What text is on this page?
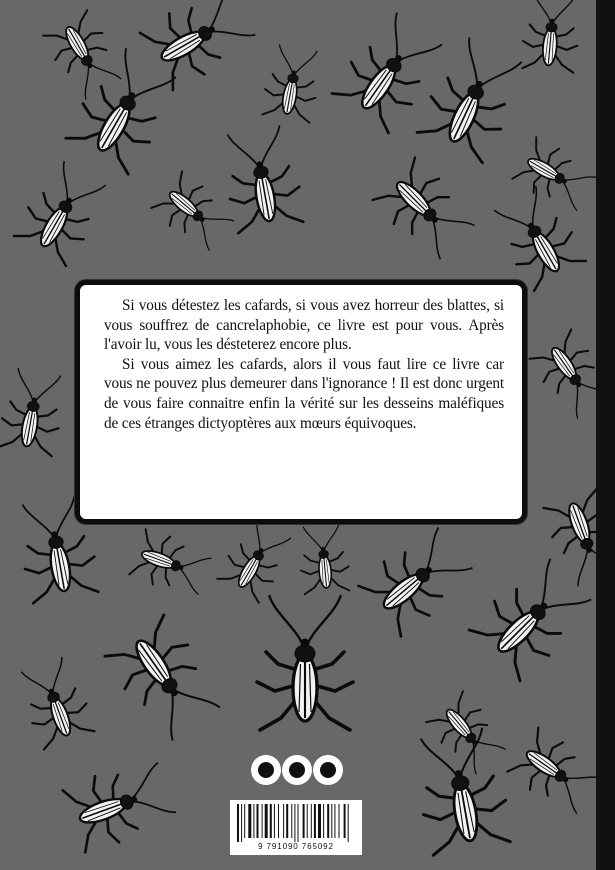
Si vous détestez les cafards, si vous avez horreur des blattes, si vous souffrez de cancrelaphobie, ce livre est pour vous. Après l'avoir lu, vous les désteterez encore plus.

Si vous aimez les cafards, alors il vous faut lire ce livre car vous ne pouvez plus demeurer dans l'ignorance ! Il est donc urgent de vous faire connaitre enfin la vérité sur les desseins maléfiques de ces étranges dictyoptères aux mœurs équivoques.

9 791090 765092
